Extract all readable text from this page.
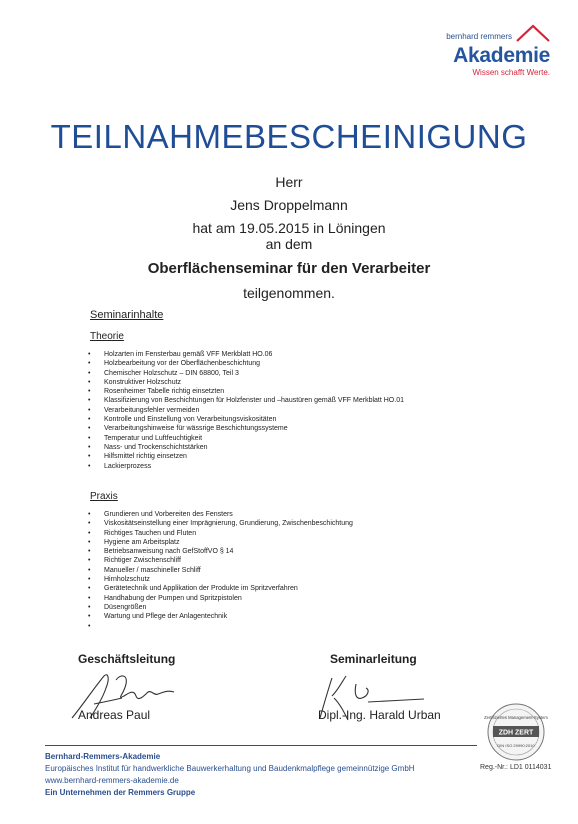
bernhard remmers
Akademie
Wissen schafft Werte.
TEILNAHMEBESCHEINIGUNG
Herr
Jens Droppelmann
hat am 19.05.2015 in Löningen
an dem
Oberflächenseminar für den Verarbeiter
teilgenommen.
Seminarinhalte
Theorie
• Holzarten im Fensterbau gemäß VFF Merkblatt HO.06
• Holzbearbeitung vor der Oberflächenbeschichtung
• Chemischer Holzschutz – DIN 68800, Teil 3
• Konstruktiver Holzschutz
• Rosenheimer Tabelle richtig einsetzten
• Klassifizierung von Beschichtungen für Holzfenster und –haustüren gemäß VFF Merkblatt HO.01
• Verarbeitungsfehler vermeiden
• Kontrolle und Einstellung von Verarbeitungsviskositäten
• Verarbeitungshinweise für wässrige Beschichtungssysteme
• Temperatur und Luftfeuchtigkeit
• Nass- und Trockenschichtstärken
• Hilfsmittel richtig einsetzen
• Lackierprozess
Praxis
• Grundieren und Vorbereiten des Fensters
• Viskositätseinstellung einer Imprägnierung, Grundierung, Zwischenbeschichtung
• Richtiges Tauchen und Fluten
• Hygiene am Arbeitsplatz
• Betriebsanweisung nach GefStoffVO § 14
• Richtiger Zwischenschliff
• Manueller / maschineller Schliff
• Hirnholzschutz
• Gerätetechnik und Applikation der Produkte im Spritzverfahren
• Handhabung der Pumpen und Spritzpistolen
• Düsengrößen
• Wartung und Pflege der Anlagentechnik
Geschäftsleitung	Seminarleitung
Andreas Paul	Dipl.-Ing. Harald Urban
Bernhard-Remmers-Akademie
Europäisches Institut für handwerkliche Bauwerkerhaltung und Baudenkmalpflege gemeinnützige GmbH
www.bernhard-remmers-akademie.de
Ein Unternehmen der Remmers Gruppe
Zertifiziertes Management-System
ZDH ZERT
DIN ISO 29990:2010
Reg.-Nr.: LD1 0114031
